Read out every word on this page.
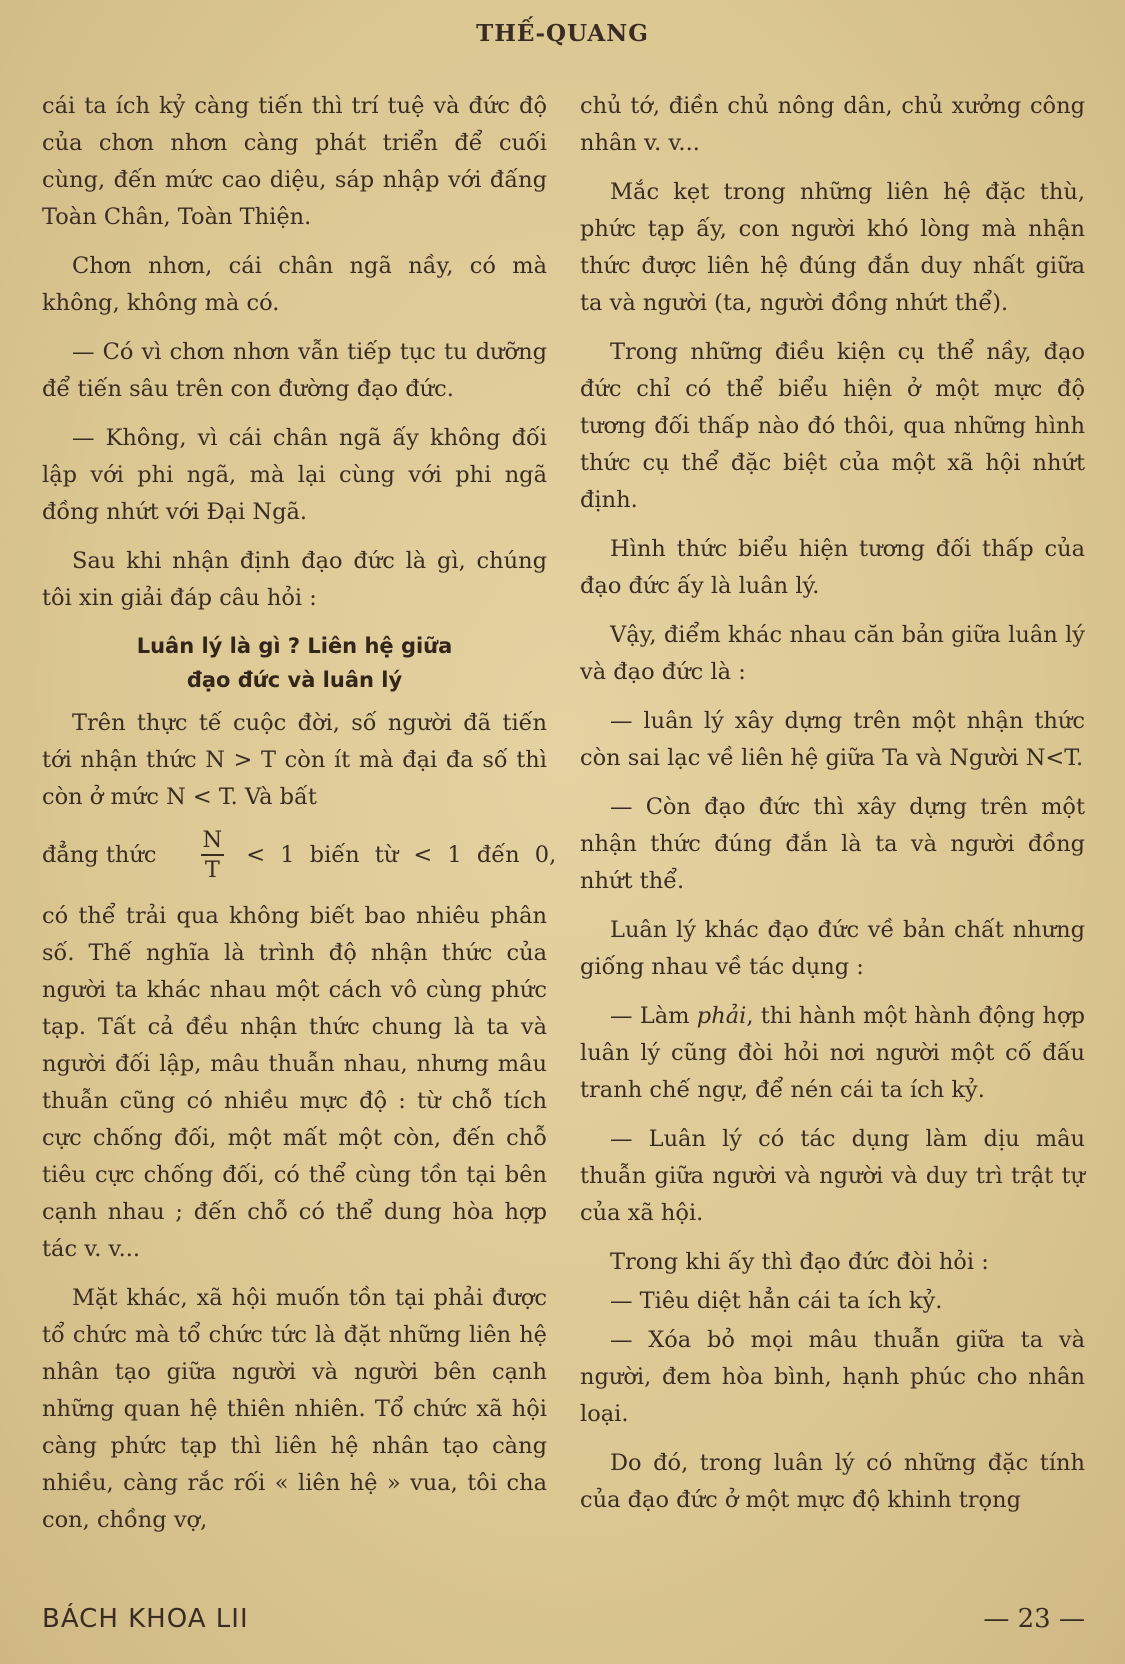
THẾ-QUANG

cái ta ích kỷ càng tiến thì trí tuệ và đức độ của chơn nhơn càng phát triển để cuối cùng, đến mức cao diệu, sáp nhập với đấng Toàn Chân, Toàn Thiện.

Chơn nhơn, cái chân ngã nầy, có mà không, không mà có.

— Có vì chơn nhơn vẫn tiếp tục tu dưỡng để tiến sâu trên con đường đạo đức.

— Không, vì cái chân ngã ấy không đối lập với phi ngã, mà lại cùng với phi ngã đồng nhứt với Đại Ngã.

Sau khi nhận định đạo đức là gì, chúng tôi xin giải đáp câu hỏi :

Luân lý là gì ? Liên hệ giữa
đạo đức và luân lý

Trên thực tế cuộc đời, số người đã tiến tới nhận thức N > T còn ít mà đại đa số thì còn ở mức N < T. Và bất

đẳng thức $\frac{N}{T} < 1$ biến từ < 1 đến 0,

có thể trải qua không biết bao nhiêu phân số. Thế nghĩa là trình độ nhận thức của người ta khác nhau một cách vô cùng phức tạp. Tất cả đều nhận thức chung là ta và người đối lập, mâu thuẫn nhau, nhưng mâu thuẫn cũng có nhiều mực độ : từ chỗ tích cực chống đối, một mất một còn, đến chỗ tiêu cực chống đối, có thể cùng tồn tại bên cạnh nhau ; đến chỗ có thể dung hòa hợp tác v. v...

Mặt khác, xã hội muốn tồn tại phải được tổ chức mà tổ chức tức là đặt những liên hệ nhân tạo giữa người và người bên cạnh những quan hệ thiên nhiên. Tổ chức xã hội càng phức tạp thì liên hệ nhân tạo càng nhiều, càng rắc rối « liên hệ » vua, tôi cha con, chồng vợ,

chủ tớ, điền chủ nông dân, chủ xưởng công nhân v. v...

Mắc kẹt trong những liên hệ đặc thù, phức tạp ấy, con người khó lòng mà nhận thức được liên hệ đúng đắn duy nhất giữa ta và người (ta, người đồng nhứt thể).

Trong những điều kiện cụ thể nầy, đạo đức chỉ có thể biểu hiện ở một mực độ tương đối thấp nào đó thôi, qua những hình thức cụ thể đặc biệt của một xã hội nhứt định.

Hình thức biểu hiện tương đối thấp của đạo đức ấy là luân lý.

Vậy, điểm khác nhau căn bản giữa luân lý và đạo đức là :

— luân lý xây dựng trên một nhận thức còn sai lạc về liên hệ giữa Ta và Người N<T.

— Còn đạo đức thì xây dựng trên một nhận thức đúng đắn là ta và người đồng nhứt thể.

Luân lý khác đạo đức về bản chất nhưng giống nhau về tác dụng :

— Làm phải, thi hành một hành động hợp luân lý cũng đòi hỏi nơi người một cố đấu tranh chế ngự, để nén cái ta ích kỷ.

— Luân lý có tác dụng làm dịu mâu thuẫn giữa người và người và duy trì trật tự của xã hội.

Trong khi ấy thì đạo đức đòi hỏi :

— Tiêu diệt hẳn cái ta ích kỷ.

— Xóa bỏ mọi mâu thuẫn giữa ta và người, đem hòa bình, hạnh phúc cho nhân loại.

Do đó, trong luân lý có những đặc tính của đạo đức ở một mực độ khinh trọng

BÁCH KHOA LII	— 23 —
